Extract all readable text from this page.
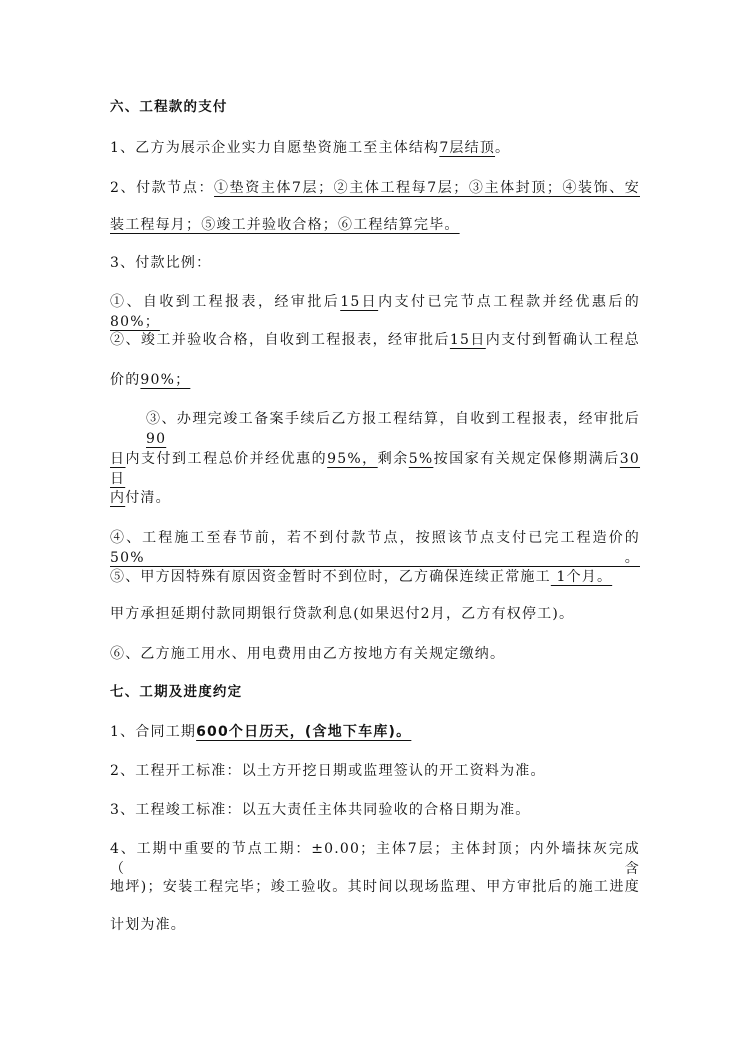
六、工程款的支付
1、乙方为展示企业实力自愿垫资施工至主体结构7层结顶。
2、付款节点：①垫资主体7层；②主体工程每7层；③主体封顶；④装饰、安
装工程每月；⑤竣工并验收合格；⑥工程结算完毕。
3、付款比例：
①、自收到工程报表，经审批后15日内支付已完节点工程款并经优惠后的80%；
②、竣工并验收合格，自收到工程报表，经审批后15日内支付到暂确认工程总
价的90%；
③、办理完竣工备案手续后乙方报工程结算，自收到工程报表，经审批后90
日内支付到工程总价并经优惠的95%，剩余5%按国家有关规定保修期满后30日
内付清。
④、工程施工至春节前，若不到付款节点，按照该节点支付已完工程造价的50% 。
⑤、甲方因特殊有原因资金暂时不到位时，乙方确保连续正常施工 1个月。
甲方承担延期付款同期银行贷款利息(如果迟付2月，乙方有权停工)。
⑥、乙方施工用水、用电费用由乙方按地方有关规定缴纳。
七、工期及进度约定
1、合同工期600个日历天，(含地下车库)。
2、工程开工标准：以土方开挖日期或监理签认的开工资料为准。
3、工程竣工标准：以五大责任主体共同验收的合格日期为准。
4、工期中重要的节点工期：±0.00；主体7层；主体封顶；内外墙抹灰完成（含
地坪)；安装工程完毕；竣工验收。其时间以现场监理、甲方审批后的施工进度
计划为准。
